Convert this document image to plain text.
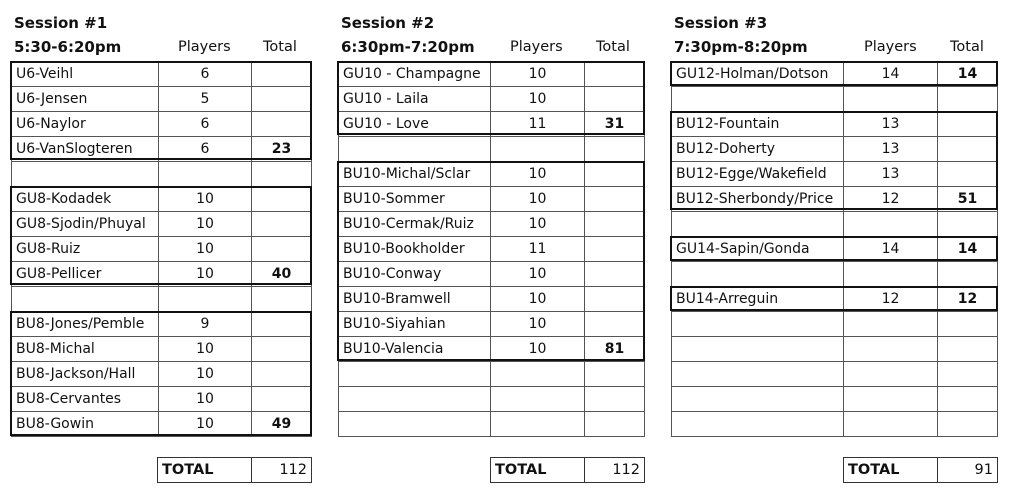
Session #1
5:30-6:20pm	Players Total
U6-Veihl	6	
U6-Jensen	5	
U6-Naylor	6	
U6-VanSlogteren	6	23

GU8-Kodadek	10	
GU8-Sjodin/Phuyal	10	
GU8-Ruiz	10	
GU8-Pellicer	10	40

BU8-Jones/Pemble	9	
BU8-Michal	10	
BU8-Jackson/Hall	10	
BU8-Cervantes	10	
BU8-Gowin	10	49
TOTAL	112
Session #2
6:30pm-7:20pm Players Total
GU10 - Champagne	10	
GU10 - Laila	10	
GU10 - Love	11	31

BU10-Michal/Sclar	10	
BU10-Sommer	10	
BU10-Cermak/Ruiz	10	
BU10-Bookholder	11	
BU10-Conway	10	
BU10-Bramwell	10	
BU10-Siyahian	10	
BU10-Valencia	10	81

TOTAL	112
Session #3
7:30pm-8:20pm	Players Total
GU12-Holman/Dotson	14	14

BU12-Fountain	13	
BU12-Doherty	13	
BU12-Egge/Wakefield	13	
BU12-Sherbondy/Price	12	51

GU14-Sapin/Gonda	14	14

BU14-Arreguin	12	12

TOTAL	91
